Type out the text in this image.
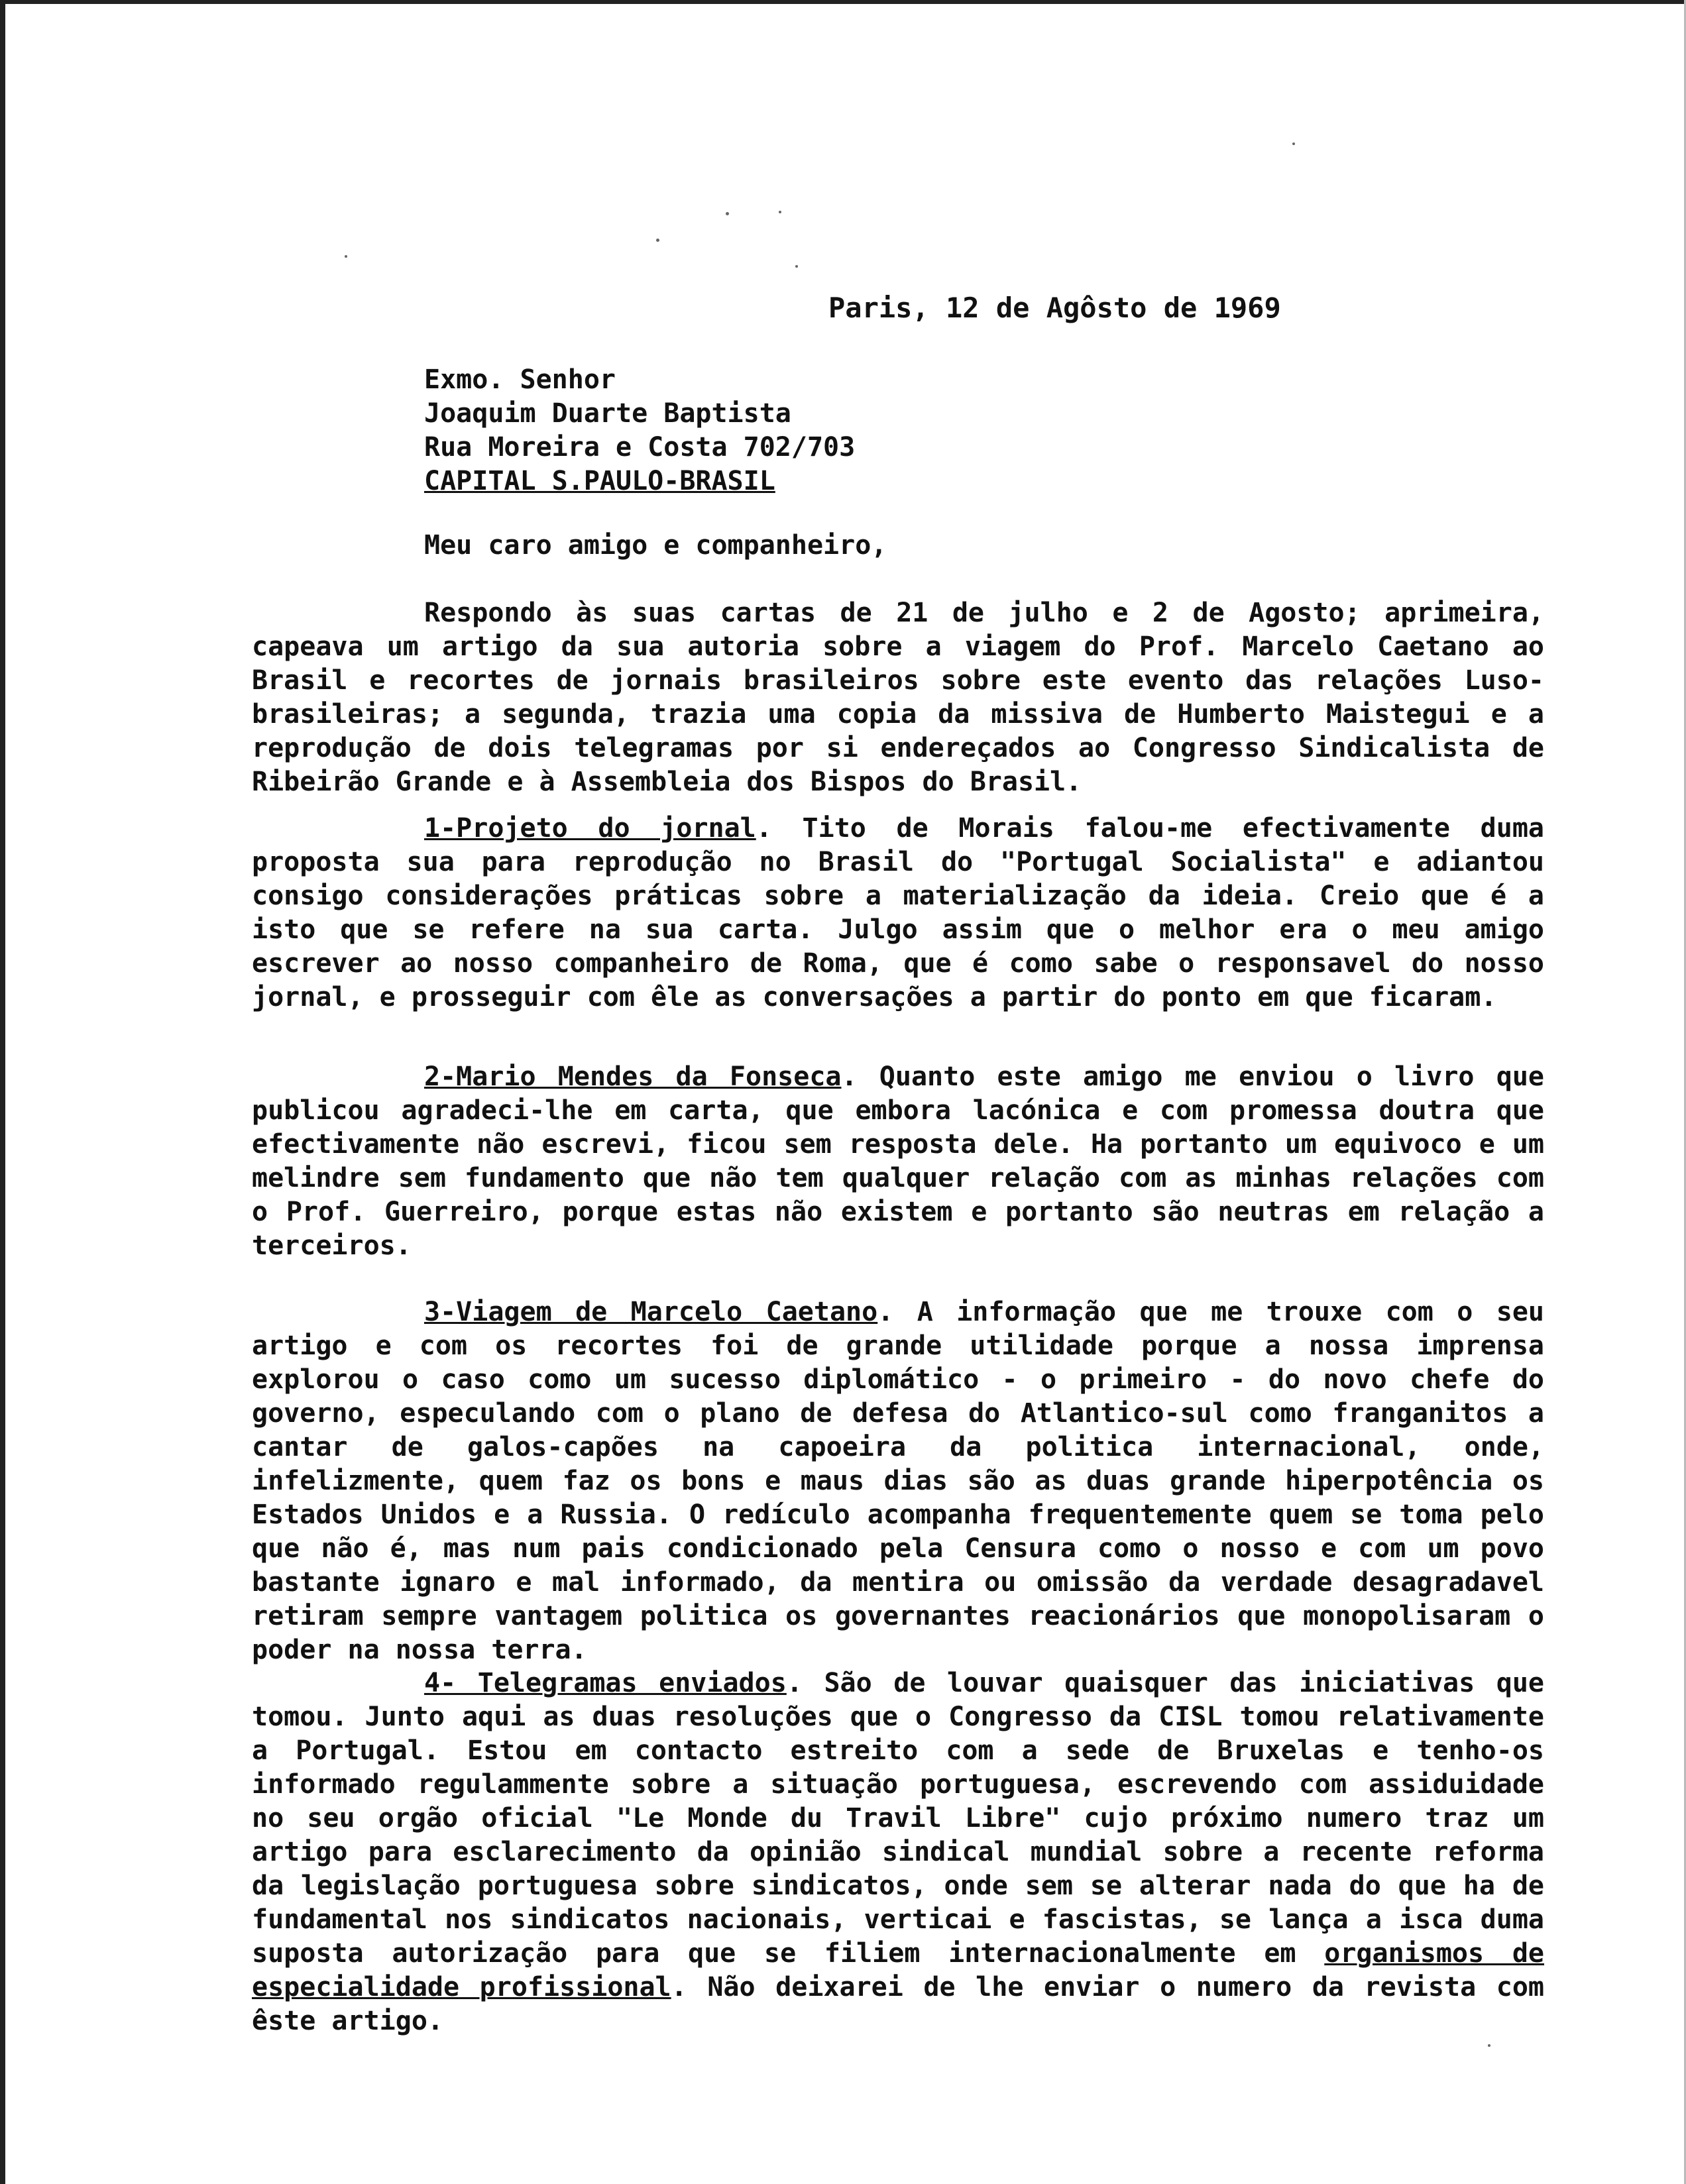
Paris, 12 de Agôsto de 1969
Exmo. Senhor
Joaquim Duarte Baptista
Rua Moreira e Costa 702/703
CAPITAL S.PAULO-BRASIL
Meu caro amigo e companheiro,
Respondo às suas cartas de 21 de julho e 2 de Agosto; aprimeira, capeava um artigo da sua autoria sobre a viagem do Prof. Marcelo Caetano ao Brasil e recortes de jornais brasileiros sobre este evento das relações Luso-brasileiras; a segunda, trazia uma copia da missiva de Humberto Maistegui e a reprodução de dois telegramas por si endereçados ao Congresso Sindicalista de Ribeirão Grande e à Assembleia dos Bispos do Brasil.
1-Projeto do jornal. Tito de Morais falou-me efectivamente duma proposta sua para reprodução no Brasil do "Portugal Socialista" e adiantou consigo considerações práticas sobre a materialização da ideia. Creio que é a isto que se refere na sua carta. Julgo assim que o melhor era o meu amigo escrever ao nosso companheiro de Roma, que é como sabe o responsavel do nosso jornal, e prosseguir com êle as conversações a partir do ponto em que ficaram.
2-Mario Mendes da Fonseca. Quanto este amigo me enviou o livro que publicou agradeci-lhe em carta, que embora lacónica e com promessa doutra que efectivamente não escrevi, ficou sem resposta dele. Ha portanto um equivoco e um melindre sem fundamento que não tem qualquer relação com as minhas relações com o Prof. Guerreiro, porque estas não existem e portanto são neutras em relação a terceiros.
3-Viagem de Marcelo Caetano. A informação que me trouxe com o seu artigo e com os recortes foi de grande utilidade porque a nossa imprensa explorou o caso como um sucesso diplomático - o primeiro - do novo chefe do governo, especulando com o plano de defesa do Atlantico-sul como franganitos a cantar de galos-capões na capoeira da politica internacional, onde, infelizmente, quem faz os bons e maus dias são as duas grande hiperpotência os Estados Unidos e a Russia. O redículo acompanha frequentemente quem se toma pelo que não é, mas num pais condicionado pela Censura como o nosso e com um povo bastante ignaro e mal informado, da mentira ou omissão da verdade desagradavel retiram sempre vantagem politica os governantes reacionários que monopolisaram o poder na nossa terra.
4- Telegramas enviados. São de louvar quaisquer das iniciativas que tomou. Junto aqui as duas resoluções que o Congresso da CISL tomou relativamente a Portugal. Estou em contacto estreito com a sede de Bruxelas e tenho-os informado regulammente sobre a situação portuguesa, escrevendo com assiduidade no seu orgão oficial "Le Monde du Travil Libre" cujo próximo numero traz um artigo para esclarecimento da opinião sindical mundial sobre a recente reforma da legislação portuguesa sobre sindicatos, onde sem se alterar nada do que ha de fundamental nos sindicatos nacionais, verticai e fascistas, se lança a isca duma suposta autorização para que se filiem internacionalmente em organismos de especialidade profissional. Não deixarei de lhe enviar o numero da revista com êste artigo.
